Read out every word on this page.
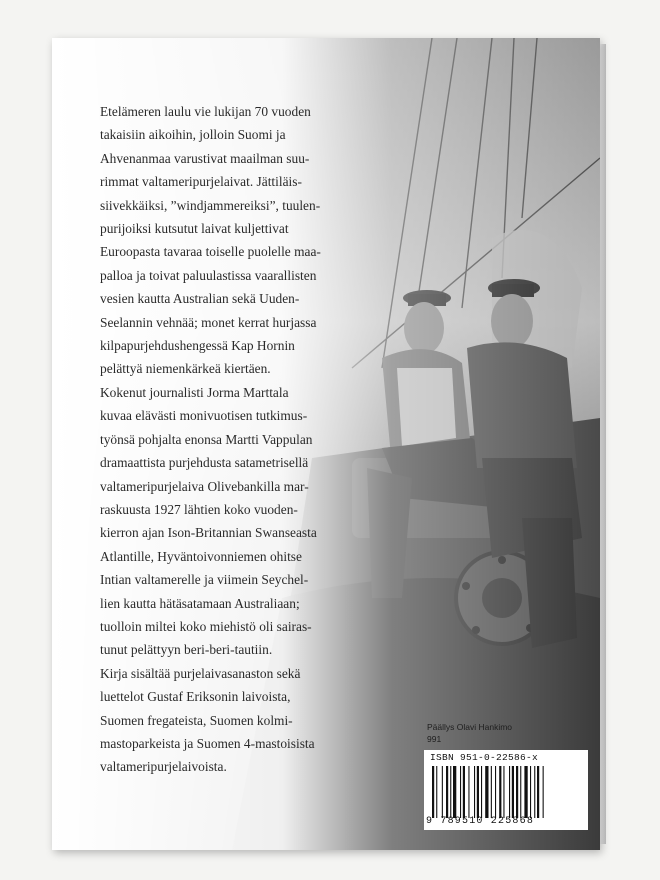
Etelämeren laulu vie lukijan 70 vuoden
takaisiin aikoihin, jolloin Suomi ja
Ahvenanmaa varustivat maailman suu-
rimmat valtameripurjelaivat. Jättiläis-
siivekkäiksi, ”windjammereiksi”, tuulen-
purijoiksi kutsutut laivat kuljettivat
Euroopasta tavaraa toiselle puolelle maa-
palloa ja toivat paluulastissa vaarallisten
vesien kautta Australian sekä Uuden-
Seelannin vehnää; monet kerrat hurjassa
kilpapurjehdushengessä Kap Hornin
pelättyä niemenkärkeä kiertäen.

Kokenut journalisti Jorma Marttala
kuvaa elävästi monivuotisen tutkimus-
työnsä pohjalta enonsa Martti Vappulan
dramaattista purjehdusta satametrisellä
valtameripurjelaiva Olivebankilla mar-
raskuusta 1927 lähtien koko vuoden-
kierron ajan Ison-Britannian Swanseasta
Atlantille, Hyväntoivonniemen ohitse
Intian valtamerelle ja viimein Seychel-
lien kautta hätäsatamaan Australiaan;
tuolloin miltei koko miehistö oli sairas-
tunut pelättyyn beri-beri-tautiin.

Kirja sisältää purjelaivasanaston sekä
luettelot Gustaf Eriksonin laivoista,
Suomen fregateista, Suomen kolmi-
mastoparkeista ja Suomen 4-mastoisista
valtameripurjelaivoista.

Päällys Olavi Hankimo
991
ISBN 951-0-22586-x
9 789510 225868
